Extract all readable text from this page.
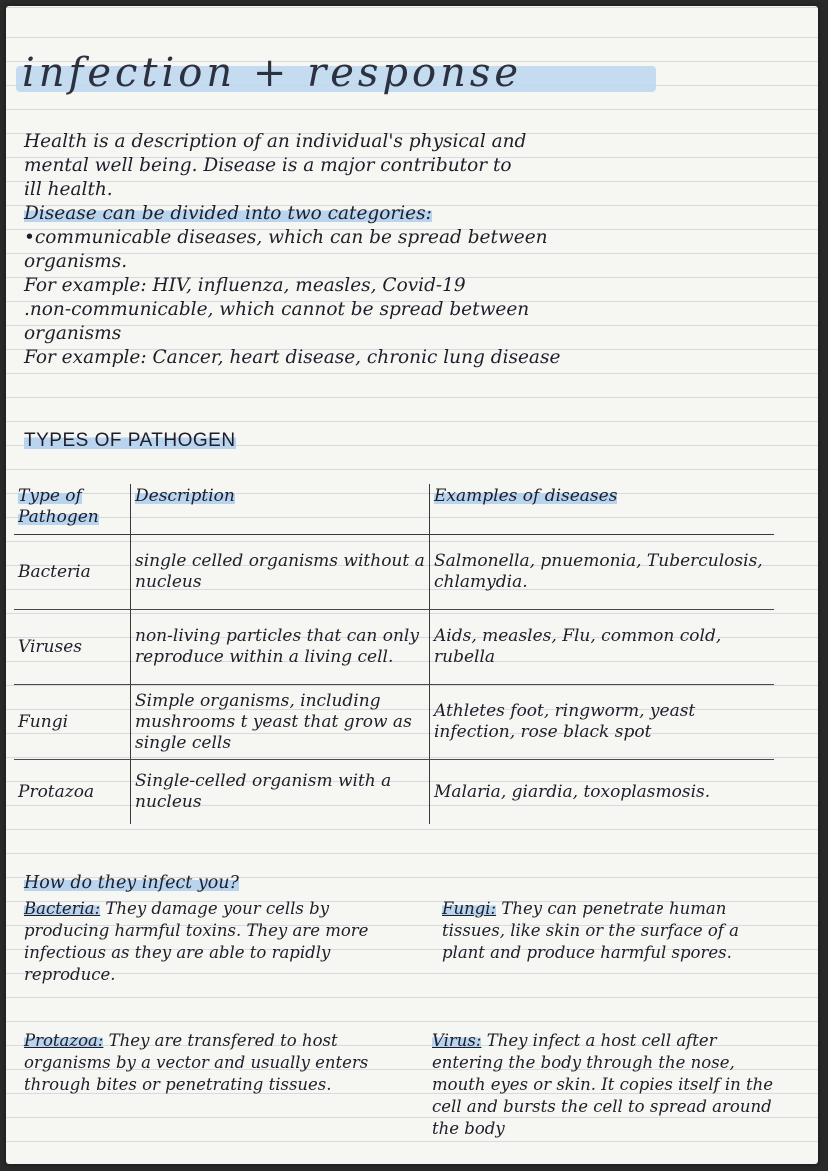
infection + response

Health is a description of an individual's physical and

mental well being. Disease is a major contributor to

ill health.

Disease can be divided into two categories:

•communicable diseases, which can be spread between

organisms.

For example: HIV, influenza, measles, Covid-19

.non-communicable, which cannot be spread between

organisms

For example: Cancer, heart disease, chronic lung disease

TYPES OF PATHOGEN
Type of Pathogen	Description	Examples of diseases
Bacteria	single celled organisms without a nucleus	Salmonella, pnuemonia, Tuberculosis, chlamydia.
Viruses	non-living particles that can only reproduce within a living cell.	Aids, measles, Flu, common cold, rubella
Fungi	Simple organisms, including mushrooms t yeast that grow as single cells	Athletes foot, ringworm, yeast infection, rose black spot
Protazoa	Single-celled organism with a nucleus	Malaria, giardia, toxoplasmosis.
How do they infect you?
Bacteria: They damage your cells by producing harmful toxins. They are more infectious as they are able to rapidly reproduce.
Fungi: They can penetrate human tissues, like skin or the surface of a plant and produce harmful spores.
Protazoa: They are transfered to host organisms by a vector and usually enters through bites or penetrating tissues.
Virus: They infect a host cell after entering the body through the nose, mouth eyes or skin. It copies itself in the cell and bursts the cell to spread around the body
